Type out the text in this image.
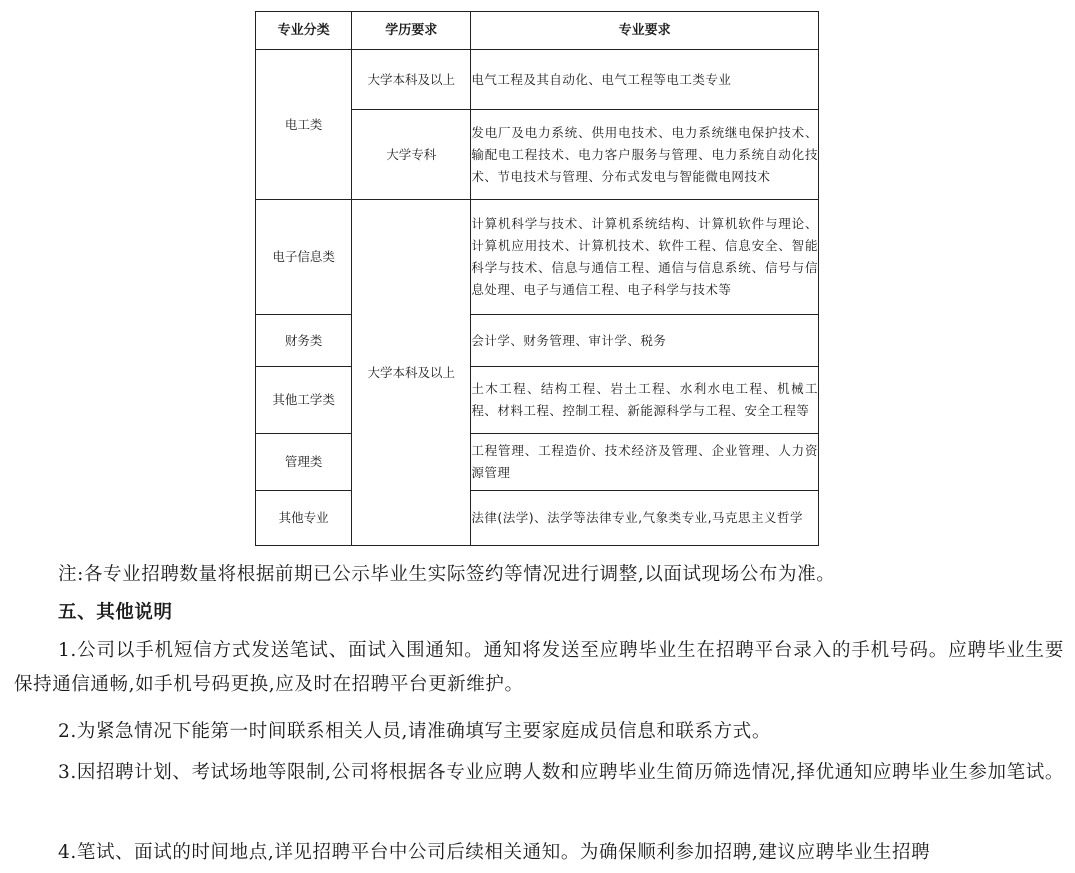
专业分类	学历要求	专业要求
电工类	大学本科及以上	电气工程及其自动化、电气工程等电工类专业
	大学专科	发电厂及电力系统、供用电技术、电力系统继电保护技术、输配电工程技术、电力客户服务与管理、电力系统自动化技术、节电技术与管理、分布式发电与智能微电网技术
电子信息类	大学本科及以上	计算机科学与技术、计算机系统结构、计算机软件与理论、计算机应用技术、计算机技术、软件工程、信息安全、智能科学与技术、信息与通信工程、通信与信息系统、信号与信息处理、电子与通信工程、电子科学与技术等
财务类		会计学、财务管理、审计学、税务
其他工学类		土木工程、结构工程、岩土工程、水利水电工程、机械工程、材料工程、控制工程、新能源科学与工程、安全工程等
管理类		工程管理、工程造价、技术经济及管理、企业管理、人力资源管理
其他专业		法律(法学)、法学等法律专业,气象类专业,马克思主义哲学
注:各专业招聘数量将根据前期已公示毕业生实际签约等情况进行调整,以面试现场公布为准。
五、其他说明

1.公司以手机短信方式发送笔试、面试入围通知。通知将发送至应聘毕业生在招聘平台录入的手机号码。应聘毕业生要保持通信通畅,如手机号码更换,应及时在招聘平台更新维护。

2.为紧急情况下能第一时间联系相关人员,请准确填写主要家庭成员信息和联系方式。

3.因招聘计划、考试场地等限制,公司将根据各专业应聘人数和应聘毕业生简历筛选情况,择优通知应聘毕业生参加笔试。

4.笔试、面试的时间地点,详见招聘平台中公司后续相关通知。为确保顺利参加招聘,建议应聘毕业生招聘
